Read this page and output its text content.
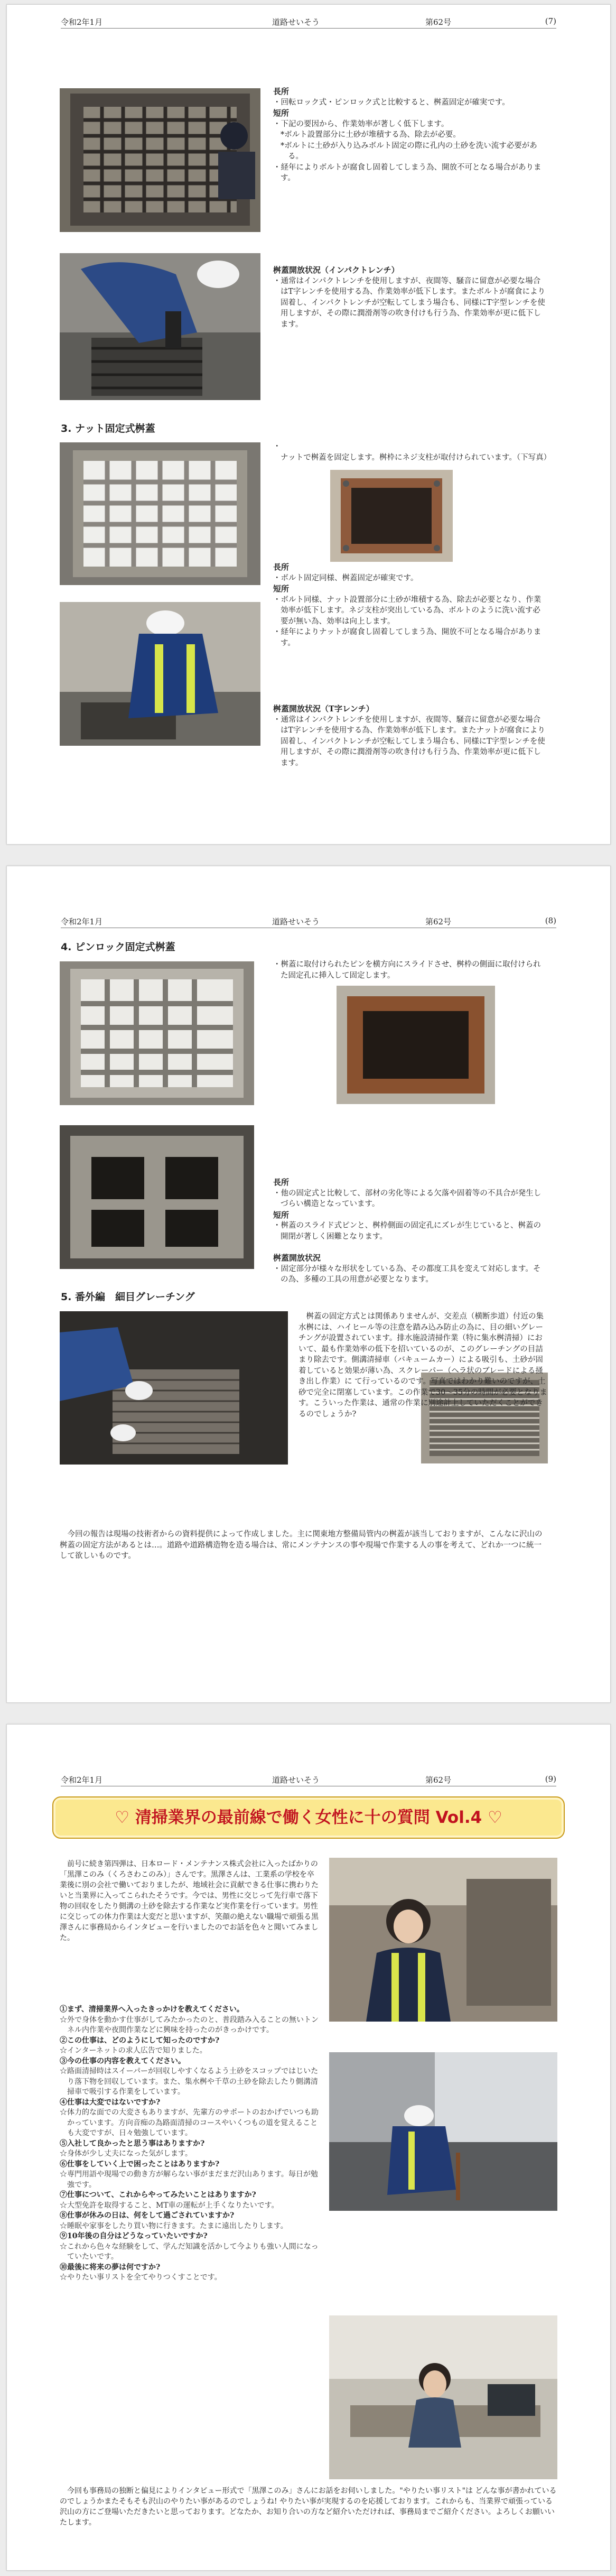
令和2年1月	道路せいそう	第62号	(7)
長所
・回転ロック式・ピンロック式と比較すると、桝蓋固定が確実です。
短所
・下記の要因から、作業効率が著しく低下します。
*ボルト設置部分に土砂が堆積する為、除去が必要。
*ボルトに土砂が入り込みボルト固定の際に孔内の土砂を洗い流す必要がある。
・経年によりボルトが腐食し固着してしまう為、開放不可となる場合があります。
桝蓋開放状況（インパクトレンチ）
・通常はインパクトレンチを使用しますが、夜間等、騒音に留意が必要な場合はT字レンチを使用する為、作業効率が低下します。またボルトが腐食により固着し、インパクトレンチが空転してしまう場合も、同様にT字型レンチを使用しますが、その際に潤滑剤等の吹き付けも行う為、作業効率が更に低下します。
3. ナット固定式桝蓋
・ナットで桝蓋を固定します。桝枠にネジ支柱が取付けられています。（下写真）
長所
・ボルト固定同様、桝蓋固定が確実です。
短所
・ボルト同様、ナット設置部分に土砂が堆積する為、除去が必要となり、作業効率が低下します。ネジ支柱が突出している為、ボルトのように洗い流す必要が無い為、効率は向上します。
・経年によりナットが腐食し固着してしまう為、開放不可となる場合があります。
桝蓋開放状況（T字レンチ）
・通常はインパクトレンチを使用しますが、夜間等、騒音に留意が必要な場合はT字レンチを使用する為、作業効率が低下します。またナットが腐食により固着し、インパクトレンチが空転してしまう場合も、同様にT字型レンチを使用しますが、その際に潤滑剤等の吹き付けも行う為、作業効率が更に低下します。
令和2年1月	道路せいそう	第62号	(8)
4. ピンロック固定式桝蓋
・桝蓋に取付けられたピンを横方向にスライドさせ、桝枠の側面に取付けられた固定孔に挿入して固定します。
長所
・他の固定式と比較して、部材の劣化等による欠落や固着等の不具合が発生しづらい構造となっています。
短所
・桝蓋のスライド式ピンと、桝枠側面の固定孔にズレが生じていると、桝蓋の開閉が著しく困難となります。
桝蓋開放状況
・固定部分が様々な形状をしている為、その都度工具を変えて対応します。その為、多種の工具の用意が必要となります。
5. 番外編　細目グレーチング
桝蓋の固定方式とは関係ありませんが、交差点（横断歩道）付近の集水桝には、ハイヒール等の注意を踏み込み防止の為に、目の細いグレーチングが設置されています。排水施設清掃作業（特に集水桝清掃）において、最も作業効率の低下を招いているのが、このグレーチングの目詰まり除去です。側溝清掃車（バキュームカー）による吸引も、土砂が固着していると効果が薄い為、スクレーパー（ヘラ状のブレードによる掻き出し作業）に て行っているのです。写真ではわかり難いのですが、土砂で完全に閉塞しています。この作業で30～35分の時間が必要となります。こういった作業は、通常の作業に別途計上していただくことができるのでしょうか?
今回の報告は現場の技術者からの資料提供によって作成しました。主に関東地方整備局管内の桝蓋が該当しておりますが、こんなに沢山の桝蓋の固定方法があるとは…。道路や道路構造物を造る場合は、常にメンテナンスの事や現場で作業する人の事を考えて、どれか一つに統一して欲しいものです。
令和2年1月	道路せいそう	第62号	(9)
♡ 清掃業界の最前線で働く女性に十の質問 Vol.4 ♡
前号に続き第四弾は、日本ロード・メンテナンス株式会社に入ったばかりの「黒澤このみ（くろさわこのみ）」さんです。黒澤さんは、工業系の学校を卒業後に別の会社で働いておりましたが、地域社会に貢献できる仕事に携わりたいと当業界に入ってこられたそうです。今では、男性に交じって先行車で落下物の回収をしたり側溝の土砂を除去する作業など実作業を行っています。男性に交じっての体力作業は大変だと思いますが、笑顔の絶えない職場で頑張る黒澤さんに事務局からインタビューを行いましたのでお話を色々と聞いてみました。
①まず、清掃業界へ入ったきっかけを教えてください。
☆外で身体を動かす仕事がしてみたかったのと、普段踏み入ることの無いトンネル内作業や夜間作業などに興味を持ったのがきっかけです。
②この仕事は、どのようにして知ったのですか?
☆インターネットの求人広告で知りました。
③今の仕事の内容を教えてください。
☆路面清掃時はスイーパーが回収しやすくなるよう土砂をスコップではじいたり落下物を回収しています。また、集水桝や千草の土砂を除去したり側溝清掃車で吸引する作業をしています。
④仕事は大変ではないですか?
☆体力的な面での大変さもありますが、先輩方のサポートのおかげでいつも助かっています。方向音痴の為路面清掃のコースやいくつもの道を覚えることも大変ですが、日々勉強しています。
⑤入社して良かったと思う事はありますか?
☆身体が少し丈夫になった気がします。
⑥仕事をしていく上で困ったことはありますか?
☆専門用語や現場での動き方が解らない事がまだまだ沢山あります。毎日が勉強です。
⑦仕事について、これからやってみたいことはありますか?
☆大型免許を取得すること、MT車の運転が上手くなりたいです。
⑧仕事が休みの日は、何をして過ごされていますか?
☆睡眠や家事をしたり買い物に行きます。たまに遠出したりします。
⑨10年後の自分はどうなっていたいですか?
☆これから色々な経験をして、学んだ知識を活かして今よりも強い人間になっていたいです。
⑩最後に将来の夢は何ですか?
☆やりたい事リストを全てやりつくすことです。
今回も事務局の独断と偏見によりインタビュー形式で「黒澤このみ」さんにお話をお伺いしました。"やりたい事リスト"は どんな事が書かれているのでしょうかまたそもそも沢山のやりたい事があるのでしょうね! やりたい事が実現するのを応援しております。これからも、当業界で頑張っている沢山の方にご登場いただきたいと思っております。どなたか、お知り合いの方など紹介いただければ、事務局までご紹介ください。よろしくお願いいたします。
